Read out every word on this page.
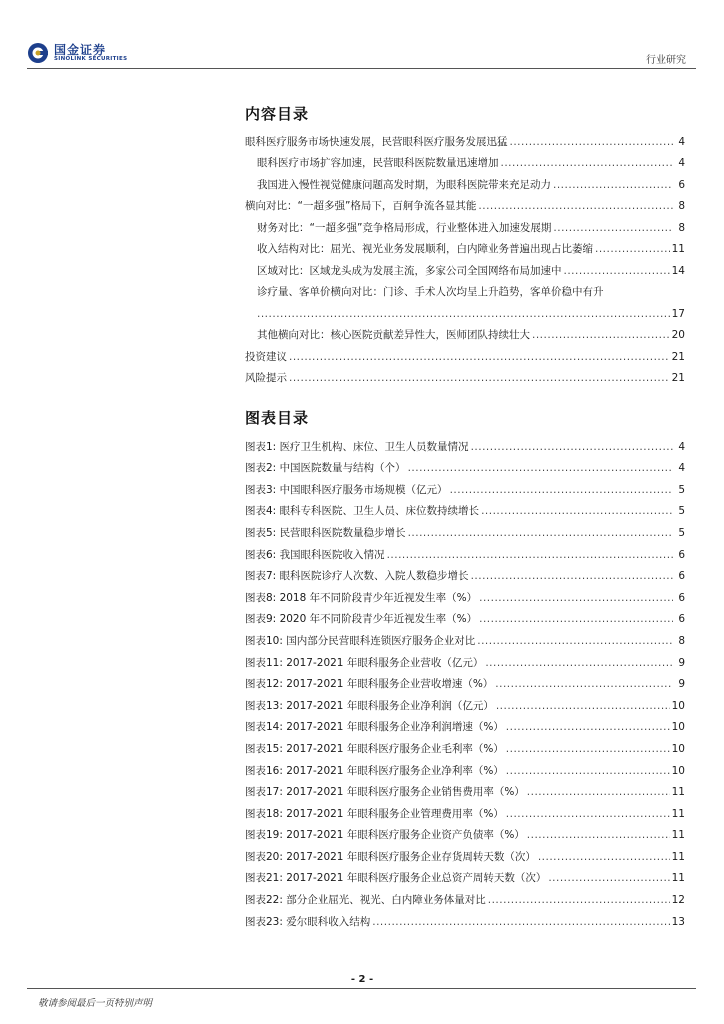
国金证券
SINOLINK SECURITIES	行业研究
内容目录
眼科医疗服务市场快速发展，民营眼科医疗服务发展迅猛 .....	4
眼科医疗市场扩容加速，民营眼科医院数量迅速增加 .....	4
我国进入慢性视觉健康问题高发时期，为眼科医院带来充足动力 .....	6
横向对比：“一超多强”格局下，百舸争流各显其能 .....	8
财务对比：“一超多强”竞争格局形成，行业整体进入加速发展期 .....	8
收入结构对比：屈光、视光业务发展顺利，白内障业务普遍出现占比萎缩 .....	11
区域对比：区域龙头成为发展主流，多家公司全国网络布局加速中 .....	14
诊疗量、客单价横向对比：门诊、手术人次均呈上升趋势，客单价稳中有升
.....
17
其他横向对比：核心医院贡献差异性大，医师团队持续壮大 .....	20
投资建议 .....	21
风险提示 .....	21
图表目录
图表1: 医疗卫生机构、床位、卫生人员数量情况 .....	4
图表2: 中国医院数量与结构（个） .....	4
图表3: 中国眼科医疗服务市场规模（亿元） .....	5
图表4: 眼科专科医院、卫生人员、床位数持续增长 .....	5
图表5: 民营眼科医院数量稳步增长 .....	5
图表6: 我国眼科医院收入情况 .....	6
图表7: 眼科医院诊疗人次数、入院人数稳步增长 .....	6
图表8: 2018 年不同阶段青少年近视发生率（%） .....	6
图表9: 2020 年不同阶段青少年近视发生率（%） .....	6
图表10: 国内部分民营眼科连锁医疗服务企业对比 .....	8
图表11: 2017-2021 年眼科服务企业营收（亿元） .....	9
图表12: 2017-2021 年眼科服务企业营收增速（%） .....	9
图表13: 2017-2021 年眼科服务企业净利润（亿元） .....	10
图表14: 2017-2021 年眼科服务企业净利润增速（%） .....	10
图表15: 2017-2021 年眼科医疗服务企业毛利率（%） .....	10
图表16: 2017-2021 年眼科医疗服务企业净利率（%） .....	10
图表17: 2017-2021 年眼科医疗服务企业销售费用率（%） .....	11
图表18: 2017-2021 年眼科服务企业管理费用率（%） .....	11
图表19: 2017-2021 年眼科医疗服务企业资产负债率（%） .....	11
图表20: 2017-2021 年眼科医疗服务企业存货周转天数（次） .....	11
图表21: 2017-2021 年眼科医疗服务企业总资产周转天数（次） .....	11
图表22: 部分企业屈光、视光、白内障业务体量对比 .....	12
图表23: 爱尔眼科收入结构 .....	13
- 2 -
敬请参阅最后一页特别声明
